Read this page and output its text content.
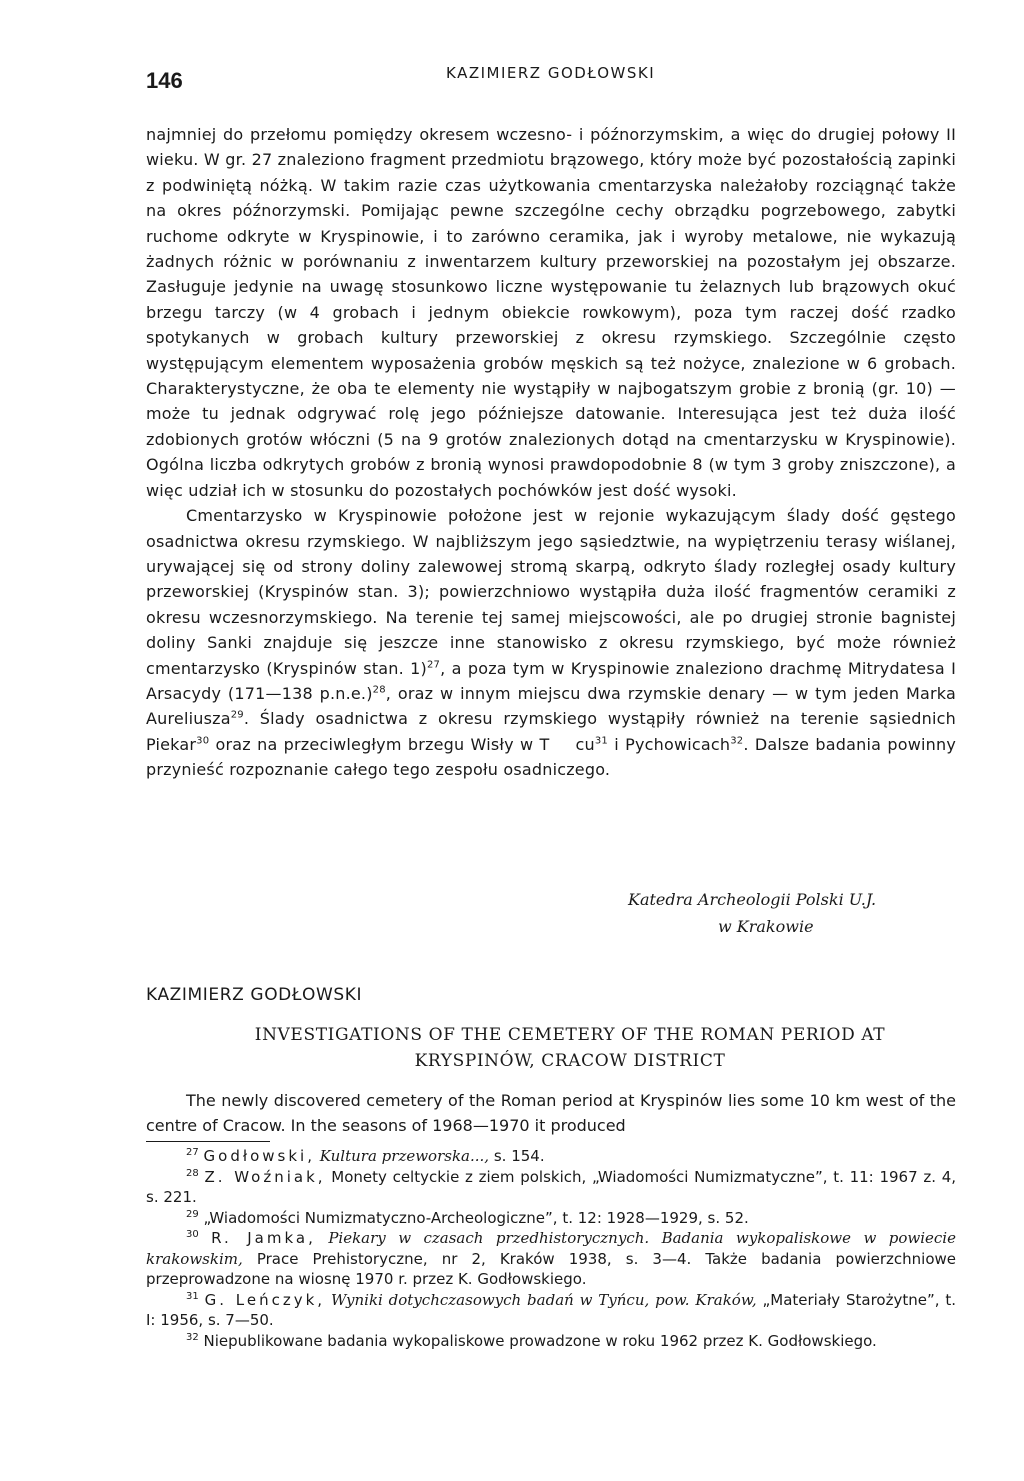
146	KAZIMIERZ GODŁOWSKI

najmniej do przełomu pomiędzy okresem wczesno- i późnorzymskim, a więc do drugiej połowy II wieku. W gr. 27 znaleziono fragment przedmiotu brązowego, który może być pozostałością zapinki z podwiniętą nóżką. W takim razie czas użytkowania cmentarzyska należałoby rozciągnąć także na okres późnorzymski. Pomijając pewne szczególne cechy obrządku pogrzebowego, zabytki ruchome odkryte w Kryspinowie, i to zarówno ceramika, jak i wyroby metalowe, nie wykazują żadnych różnic w porównaniu z inwentarzem kultury przeworskiej na pozostałym jej obszarze. Zasługuje jedynie na uwagę stosunkowo liczne występowanie tu żelaznych lub brązowych okuć brzegu tarczy (w 4 grobach i jednym obiekcie rowkowym), poza tym raczej dość rzadko spotykanych w grobach kultury przeworskiej z okresu rzymskiego. Szczególnie często występującym elementem wyposażenia grobów męskich są też nożyce, znalezione w 6 grobach. Charakterystyczne, że oba te elementy nie wystąpiły w najbogatszym grobie z bronią (gr. 10) — może tu jednak odgrywać rolę jego późniejsze datowanie. Interesująca jest też duża ilość zdobionych grotów włóczni (5 na 9 grotów znalezionych dotąd na cmentarzysku w Kryspinowie). Ogólna liczba odkrytych grobów z bronią wynosi prawdopodobnie 8 (w tym 3 groby zniszczone), a więc udział ich w stosunku do pozostałych pochówków jest dość wysoki.

Cmentarzysko w Kryspinowie położone jest w rejonie wykazującym ślady dość gęstego osadnictwa okresu rzymskiego. W najbliższym jego sąsiedztwie, na wypiętrzeniu terasy wiślanej, urywającej się od strony doliny zalewowej stromą skarpą, odkryto ślady rozległej osady kultury przeworskiej (Kryspinów stan. 3); powierzchniowo wystąpiła duża ilość fragmentów ceramiki z okresu wczesnorzymskiego. Na terenie tej samej miejscowości, ale po drugiej stronie bagnistej doliny Sanki znajduje się jeszcze inne stanowisko z okresu rzymskiego, być może również cmentarzysko (Kryspinów stan. 1)$^{27}$, a poza tym w Kryspinowie znaleziono drachmę Mitrydatesa I Arsacydy (171—138 p.n.e.)$^{28}$, oraz w innym miejscu dwa rzymskie denary — w tym jeden Marka Aureliusza$^{29}$. Ślady osadnictwa z okresu rzymskiego wystąpiły również na terenie sąsiednich Piekar$^{30}$ oraz na przeciwległym brzegu Wisły w T $cu^{31}$ i Pychowicach$^{32}$. Dalsze badania powinny przynieść rozpoznanie całego tego zespołu osadniczego.

Katedra Archeologii Polski U.J.
w Krakowie
KAZIMIERZ GODŁOWSKI
INVESTIGATIONS OF THE CEMETERY OF THE ROMAN PERIOD AT
KRYSPINÓW, CRACOW DISTRICT
The newly discovered cemetery of the Roman period at Kryspinów lies some 10 km west of the centre of Cracow. In the seasons of 1968—1970 it produced

$^{27}$ Godłowski, Kultura przeworska..., s. 154.

$^{28}$ Z. Woźniak, Monety celtyckie z ziem polskich, „Wiadomości Numizmatyczne”, t. 11: 1967 z. 4, s. 221.

$^{29}$ „Wiadomości Numizmatyczno-Archeologiczne”, t. 12: 1928—1929, s. 52.

$^{30}$ R. Jamka, Piekary w czasach przedhistorycznych. Badania wykopaliskowe w powiecie krakowskim, Prace Prehistoryczne, nr 2, Kraków 1938, s. 3—4. Także badania powierzchniowe przeprowadzone na wiosnę 1970 r. przez K. Godłowskiego.

$^{31}$ G. Leńczyk, Wyniki dotychczasowych badań w Tyńcu, pow. Kraków, „Materiały Starożytne”, t. I: 1956, s. 7—50.

$^{32}$ Niepublikowane badania wykopaliskowe prowadzone w roku 1962 przez K. Godłowskiego.
